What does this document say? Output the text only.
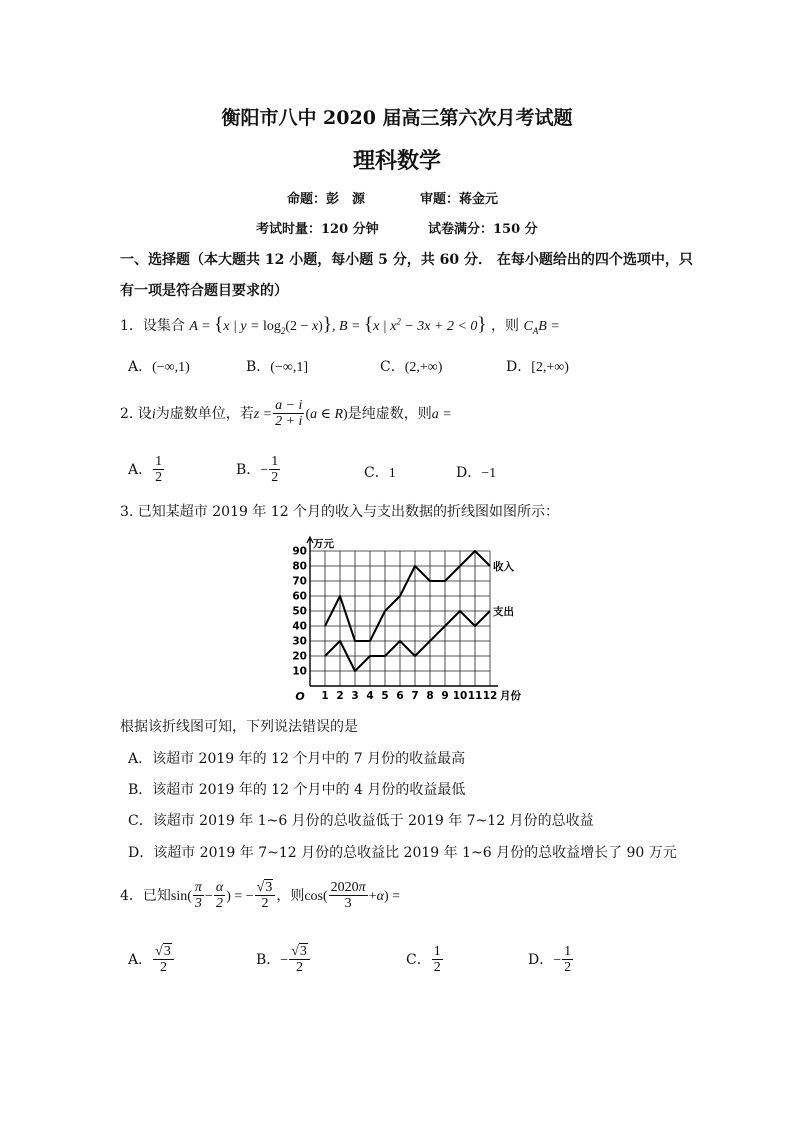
衡阳市八中 2020 届高三第六次月考试题
理科数学
命题：彭　源	审题：蒋金元
考试时量：120 分钟	试卷满分：150 分
一、选择题（本大题共 12 小题，每小题 5 分，共 60 分． 在每小题给出的四个选项中，只
有一项是符合题目要求的）
1．设集合 A = {x | $y = \log_2(2 - x)$}, B = {x | $x^2 - 3x + 2 < 0$} ，则 $C_AB$ =
A．(−∞,1)	B．(−∞,1]	C．(2,+∞)	D．[2,+∞)
2. 设i为虚数单位，若$z = \frac{a - i}{2 + i} (a$ ∈ R)是纯虚数，则a =
A． $\frac{1}{2}$	B．− $\frac{1}{2}$	C．1	D．−1
3. 已知某超市 2019 年 12 个月的收入与支出数据的折线图如图所示：
10
20
30
40
50
60
70
80
90
1 2 3 4 5 6 7 8 9 10 11 12
O
万元
月份
收入
支出
根据该折线图可知，下列说法错误的是
A．该超市 2019 年的 12 个月中的 7 月份的收益最高
B．该超市 2019 年的 12 个月中的 4 月份的收益最低
C．该超市 2019 年 1~6 月份的总收益低于 2019 年 7~12 月份的总收益
D．该超市 2019 年 7~12 月份的总收益比 2019 年 1~6 月份的总收益增长了 90 万元
4．已知$\sin( \frac{\pi}{3} - \frac{\alpha}{2}$ ) = − $\frac{√3}{2}$ ，则$\cos( \frac{2020\pi}{3} +\alpha)$ =
A． $\frac{√3}{2}$	B．− $\frac{√3}{2}$	C． $\frac{1}{2}$	D．− $\frac{1}{2}$
